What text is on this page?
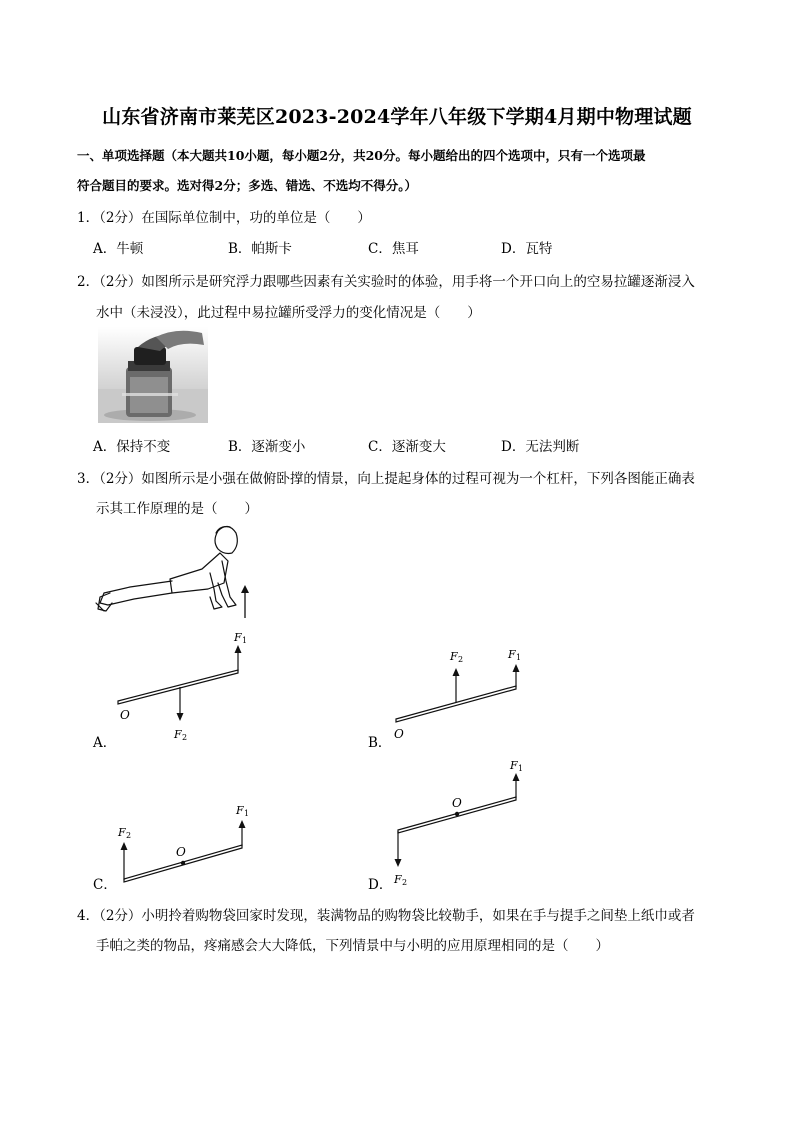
山东省济南市莱芜区2023-2024学年八年级下学期4月期中物理试题
一、单项选择题（本大题共10小题，每小题2分，共20分。每小题给出的四个选项中，只有一个选项最
符合题目的要求。选对得2分；多选、错选、不选均不得分。）
1．（2分）在国际单位制中，功的单位是（　　）
A．牛顿	B．帕斯卡	C．焦耳	D．瓦特
2．（2分）如图所示是研究浮力跟哪些因素有关实验时的体验，用手将一个开口向上的空易拉罐逐渐浸入
水中（未浸没），此过程中易拉罐所受浮力的变化情况是（　　）
A．保持不变	B．逐渐变小	C．逐渐变大	D．无法判断
3．（2分）如图所示是小强在做俯卧撑的情景，向上提起身体的过程可视为一个杠杆，下列各图能正确表
示其工作原理的是（　　）
F 1
F 2
O
A．
F 1
F 2
O
B．
F 1
F 2
O
C．
F 1
F 2
O
D．
4．（2分）小明拎着购物袋回家时发现，装满物品的购物袋比较勒手，如果在手与提手之间垫上纸巾或者
手帕之类的物品，疼痛感会大大降低，下列情景中与小明的应用原理相同的是（　　）
